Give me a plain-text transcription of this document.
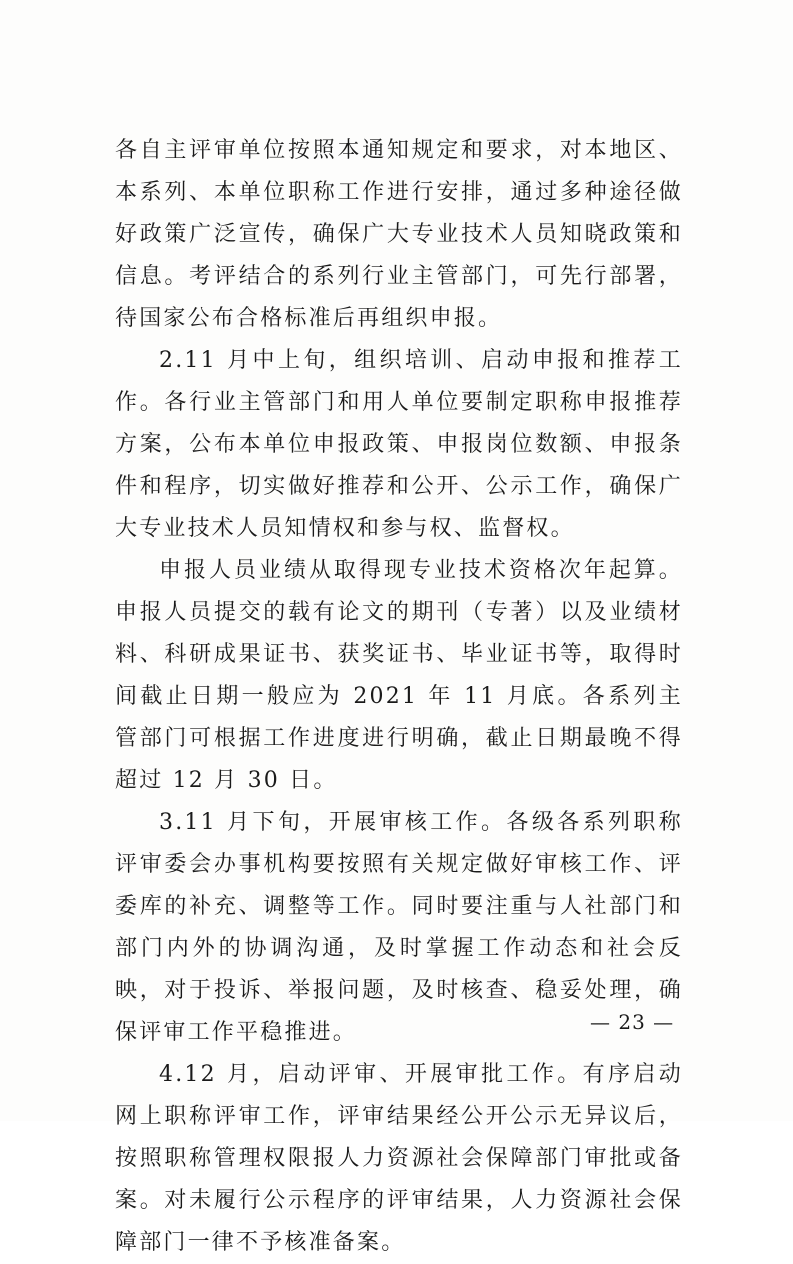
各自主评审单位按照本通知规定和要求，对本地区、本系列、本单位职称工作进行安排，通过多种途径做好政策广泛宣传，确保广大专业技术人员知晓政策和信息。考评结合的系列行业主管部门，可先行部署，待国家公布合格标准后再组织申报。

2.11 月中上旬，组织培训、启动申报和推荐工作。各行业主管部门和用人单位要制定职称申报推荐方案，公布本单位申报政策、申报岗位数额、申报条件和程序，切实做好推荐和公开、公示工作，确保广大专业技术人员知情权和参与权、监督权。

申报人员业绩从取得现专业技术资格次年起算。申报人员提交的载有论文的期刊（专著）以及业绩材料、科研成果证书、获奖证书、毕业证书等，取得时间截止日期一般应为 2021 年 11 月底。各系列主管部门可根据工作进度进行明确，截止日期最晚不得超过 12 月 30 日。

3.11 月下旬，开展审核工作。各级各系列职称评审委会办事机构要按照有关规定做好审核工作、评委库的补充、调整等工作。同时要注重与人社部门和部门内外的协调沟通，及时掌握工作动态和社会反映，对于投诉、举报问题，及时核查、稳妥处理，确保评审工作平稳推进。

4.12 月，启动评审、开展审批工作。有序启动网上职称评审工作，评审结果经公开公示无异议后，按照职称管理权限报人力资源社会保障部门审批或备案。对未履行公示程序的评审结果，人力资源社会保障部门一律不予核准备案。

— 23 —
